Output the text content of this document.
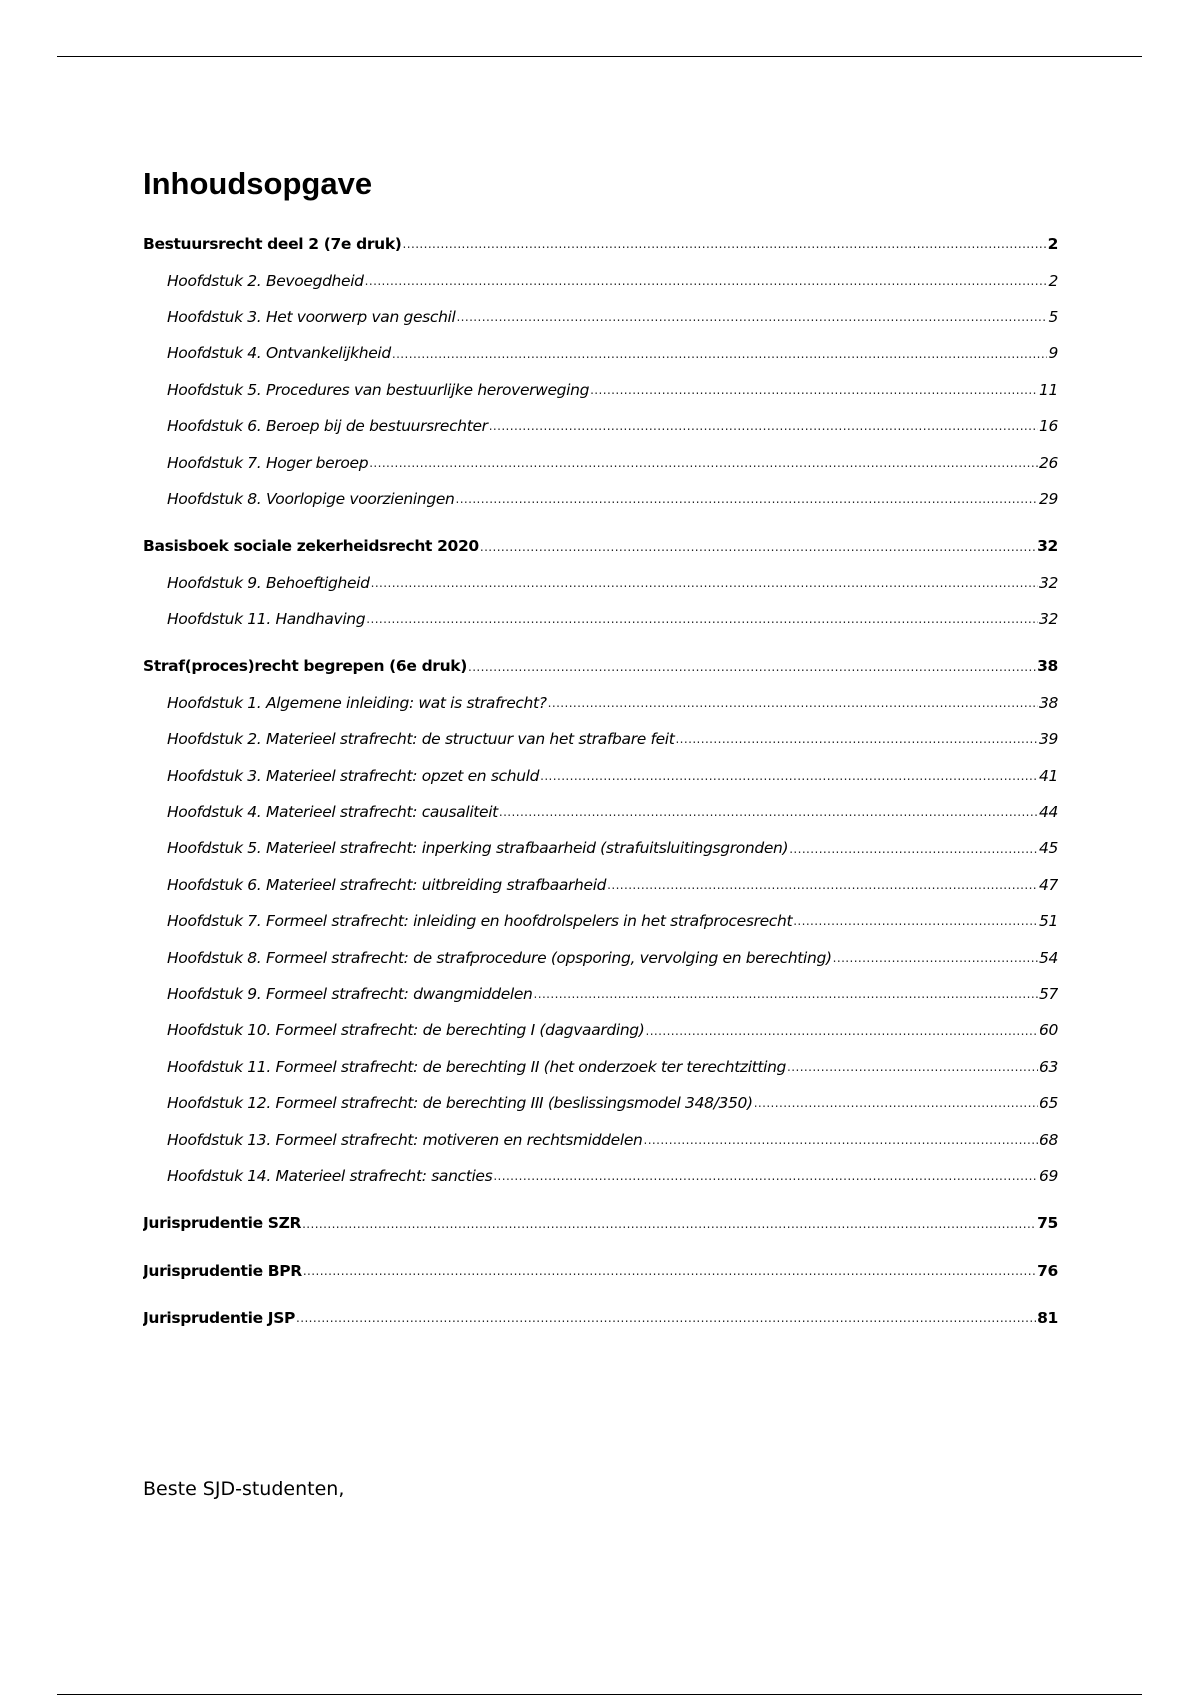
Inhoudsopgave
Bestuursrecht deel 2 (7e druk) .....	2
Hoofdstuk 2. Bevoegdheid .....	2
Hoofdstuk 3. Het voorwerp van geschil .....	5
Hoofdstuk 4. Ontvankelijkheid .....	9
Hoofdstuk 5. Procedures van bestuurlijke heroverweging .....	11
Hoofdstuk 6. Beroep bij de bestuursrechter .....	16
Hoofdstuk 7. Hoger beroep .....	26
Hoofdstuk 8. Voorlopige voorzieningen .....	29
Basisboek sociale zekerheidsrecht 2020 .....	32
Hoofdstuk 9. Behoeftigheid .....	32
Hoofdstuk 11. Handhaving .....	32
Straf(proces)recht begrepen (6e druk) .....	38
Hoofdstuk 1. Algemene inleiding: wat is strafrecht? .....	38
Hoofdstuk 2. Materieel strafrecht: de structuur van het strafbare feit .....	39
Hoofdstuk 3. Materieel strafrecht: opzet en schuld .....	41
Hoofdstuk 4. Materieel strafrecht: causaliteit .....	44
Hoofdstuk 5. Materieel strafrecht: inperking strafbaarheid (strafuitsluitingsgronden) .....	45
Hoofdstuk 6. Materieel strafrecht: uitbreiding strafbaarheid .....	47
Hoofdstuk 7. Formeel strafrecht: inleiding en hoofdrolspelers in het strafprocesrecht .....	51
Hoofdstuk 8. Formeel strafrecht: de strafprocedure (opsporing, vervolging en berechting) .....	54
Hoofdstuk 9. Formeel strafrecht: dwangmiddelen .....	57
Hoofdstuk 10. Formeel strafrecht: de berechting I (dagvaarding) .....	60
Hoofdstuk 11. Formeel strafrecht: de berechting II (het onderzoek ter terechtzitting .....	63
Hoofdstuk 12. Formeel strafrecht: de berechting III (beslissingsmodel 348/350) .....	65
Hoofdstuk 13. Formeel strafrecht: motiveren en rechtsmiddelen .....	68
Hoofdstuk 14. Materieel strafrecht: sancties .....	69
Jurisprudentie SZR .....	75
Jurisprudentie BPR .....	76
Jurisprudentie JSP .....	81

Beste SJD-studenten,
